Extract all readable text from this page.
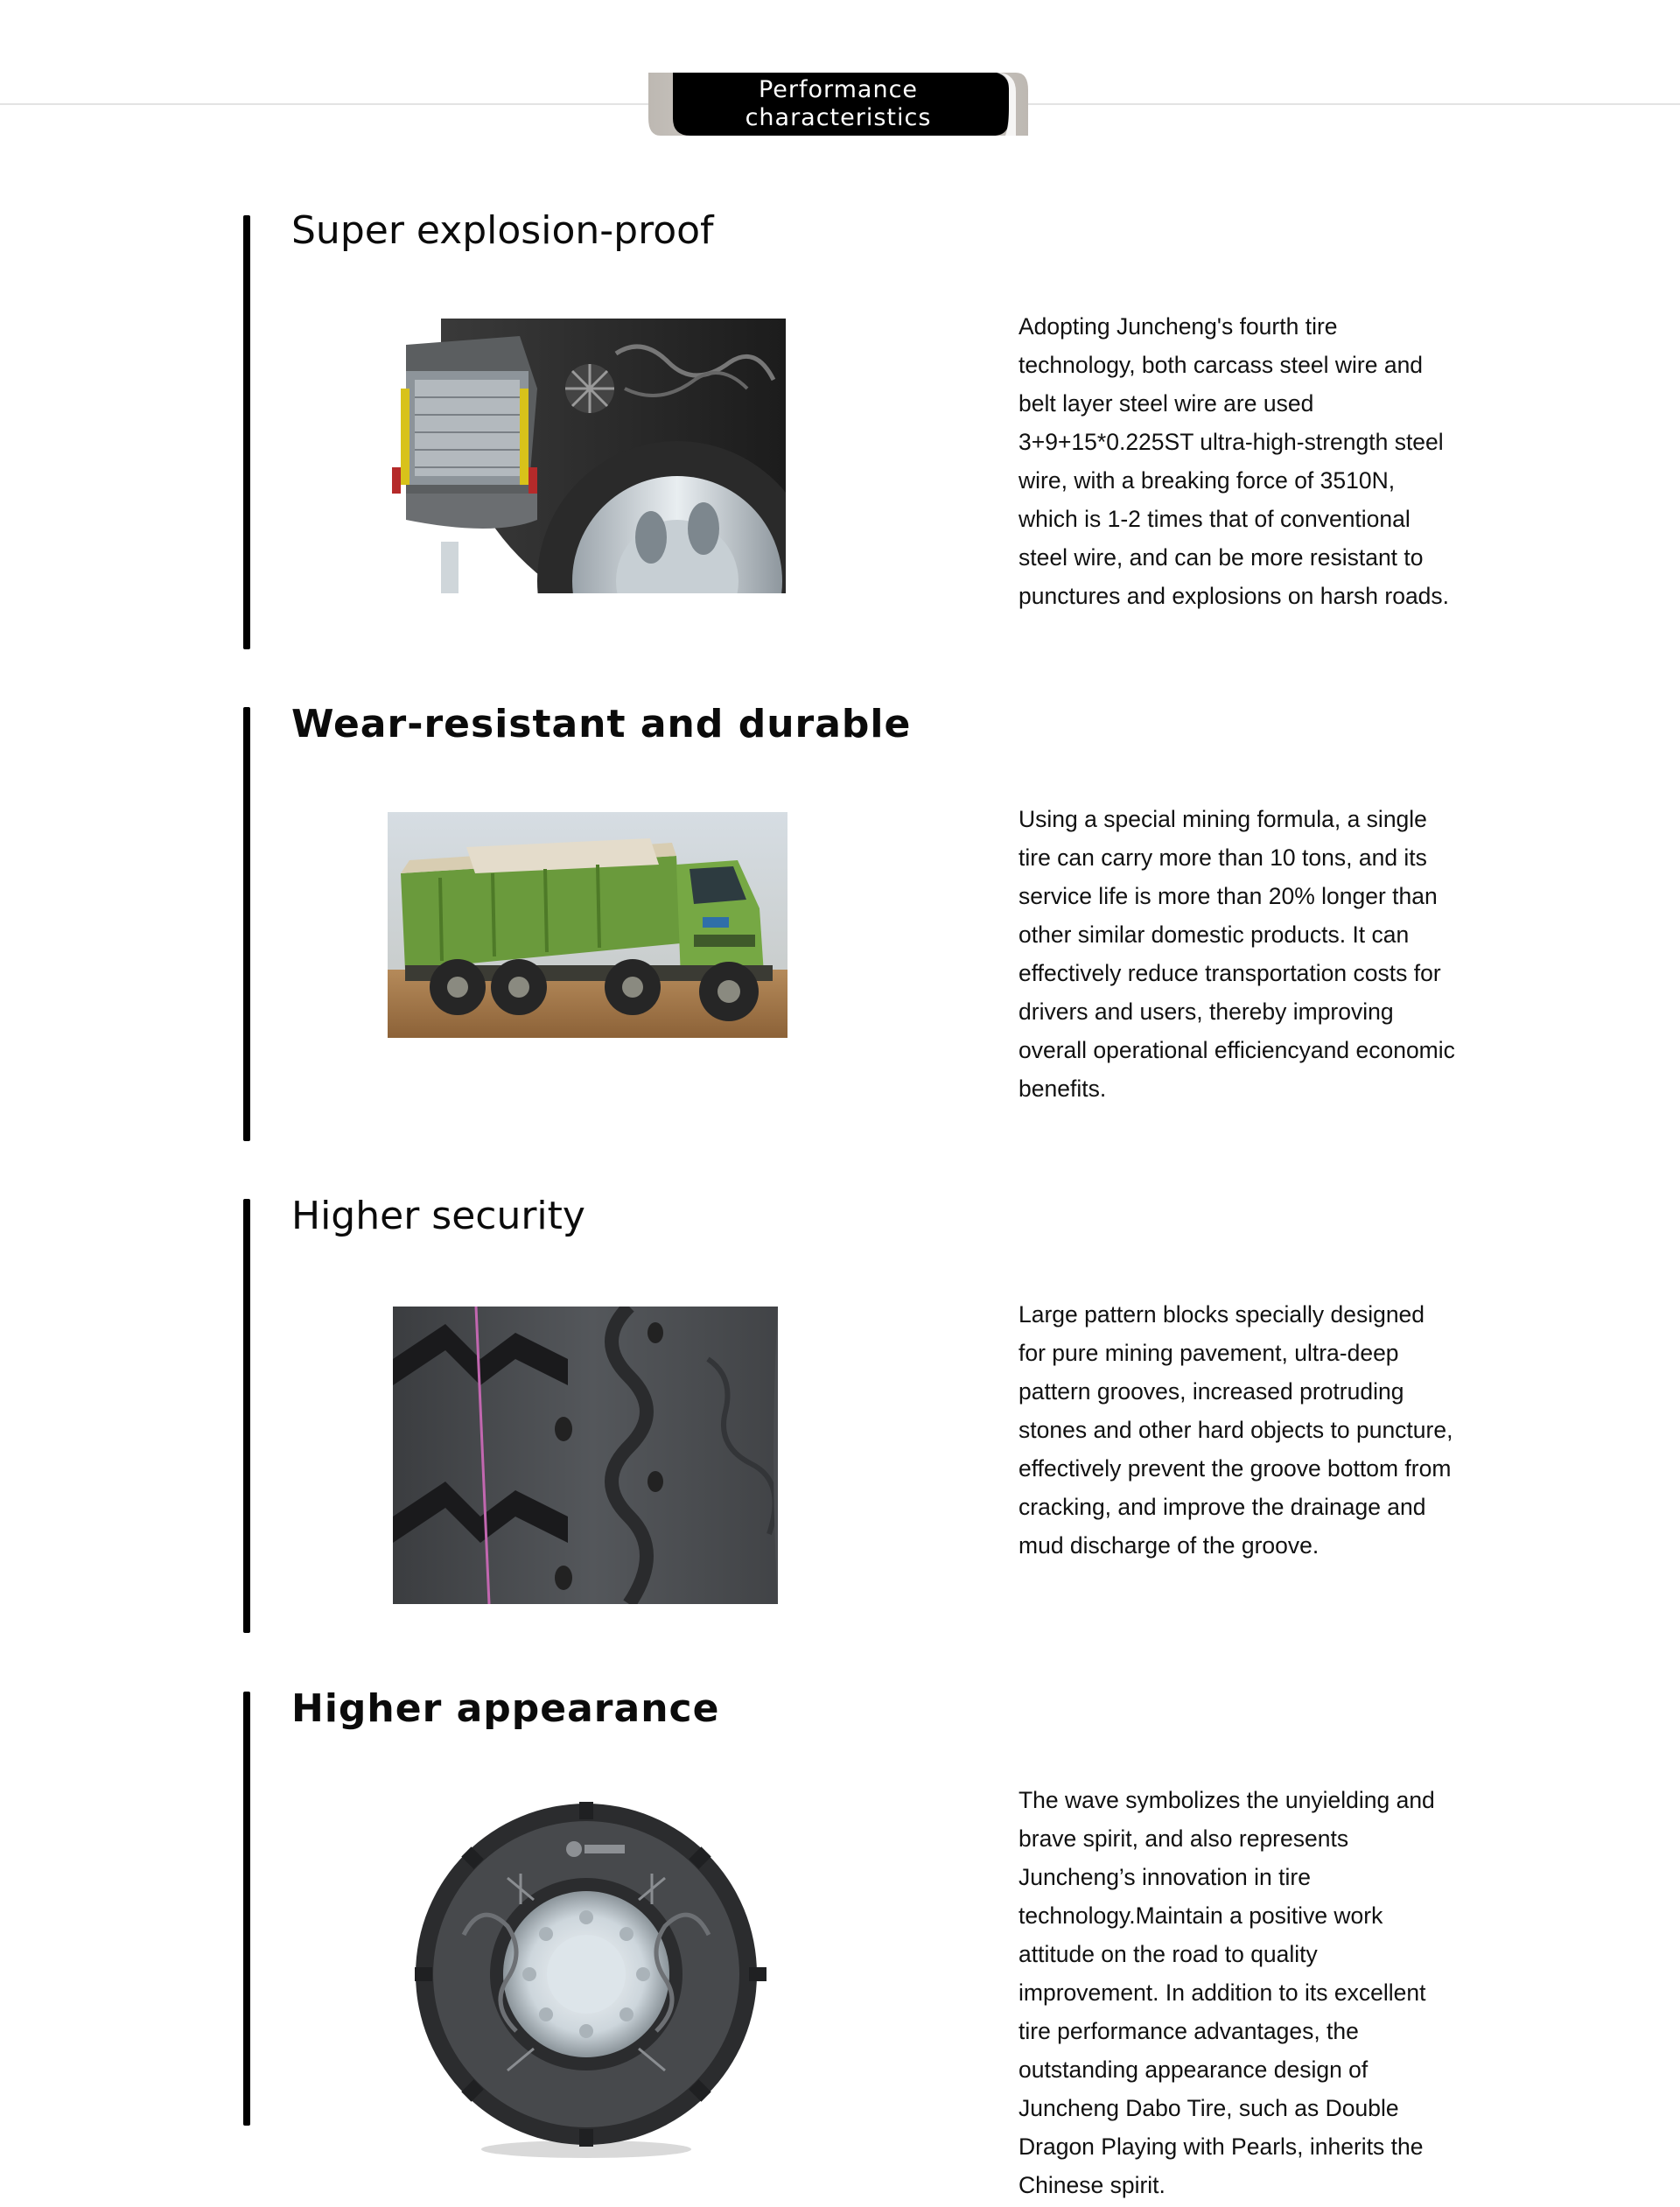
Performance
characteristics
Super explosion-proof
Adopting Juncheng's fourth tire technology, both carcass steel wire and belt layer steel wire are used 3+9+15*0.225ST ultra-high-strength steel wire, with a breaking force of 3510N, which is 1-2 times that of conventional steel wire, and can be more resistant to punctures and explosions on harsh roads.
Wear-resistant and durable
Using a special mining formula, a single tire can carry more than 10 tons, and its service life is more than 20% longer than other similar domestic products. It can effectively reduce transportation costs for drivers and users, thereby improving overall operational efficiencyand economic benefits.
Higher security
Large pattern blocks specially designed for pure mining pavement, ultra-deep pattern grooves, increased protruding stones and other hard objects to puncture, effectively prevent the groove bottom from cracking, and improve the drainage and mud discharge of the groove.
Higher appearance
The wave symbolizes the unyielding and brave spirit, and also represents Juncheng’s innovation in tire technology.Maintain a positive work attitude on the road to quality improvement. In addition to its excellent tire performance advantages, the outstanding appearance design of Juncheng Dabo Tire, such as Double Dragon Playing with Pearls, inherits the Chinese spirit.
